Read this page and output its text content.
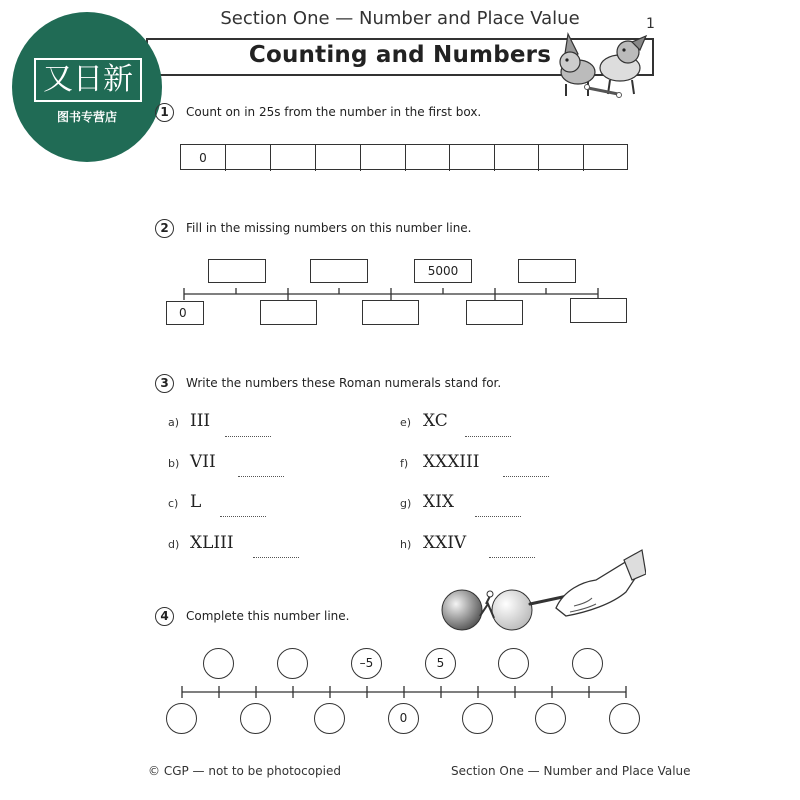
Section One — Number and Place Value	1
Counting and Numbers
又日新
图书专营店	1	Count on in 25s from the number in the first box.
0
2	Fill in the missing numbers on this number line.
5000
0
3	Write the numbers these Roman numerals stand for.
a) III
b) VII
c) L
d) XLIII
e) XC
f) XXXIII
g) XIX
h) XXIV
4	Complete this number line.
–5	5
0
© CGP — not to be photocopied	Section One — Number and Place Value
